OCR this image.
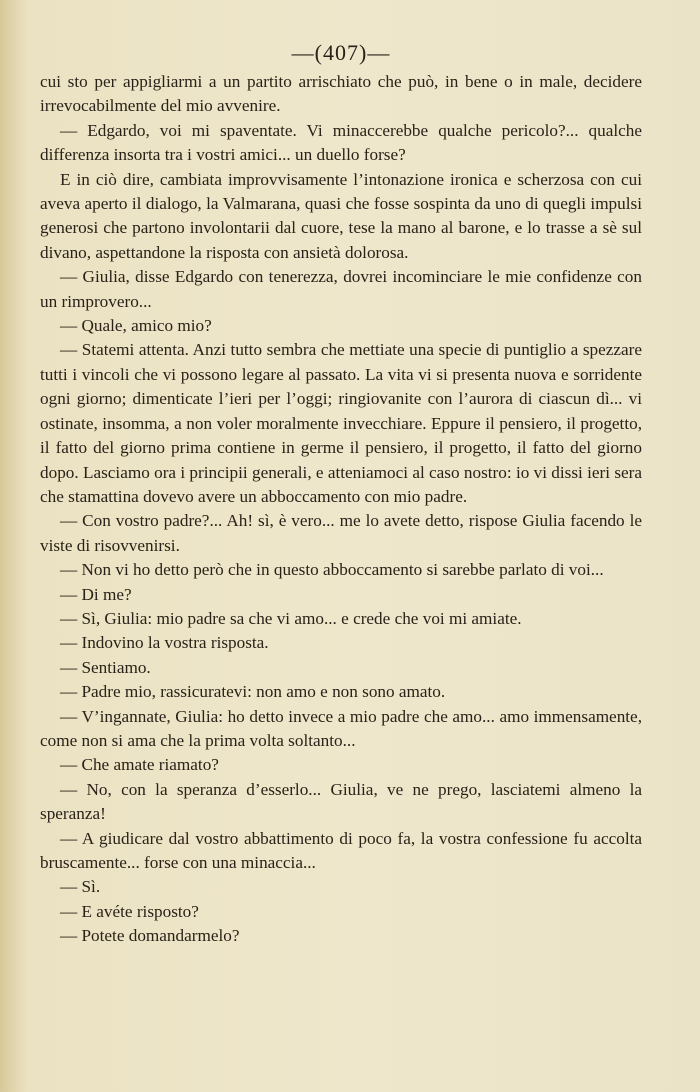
—(407)—

cui sto per appigliarmi a un partito arrischiato che può, in bene o in male, decidere irrevocabilmente del mio avvenire.

— Edgardo, voi mi spaventate. Vi minaccerebbe qualche pericolo?... qualche differenza insorta tra i vostri amici... un duello forse?

E in ciò dire, cambiata improvvisamente l’intonazione ironica e scherzosa con cui aveva aperto il dialogo, la Valmarana, quasi che fosse sospinta da uno di quegli impulsi generosi che partono involontarii dal cuore, tese la mano al barone, e lo trasse a sè sul divano, aspettandone la risposta con ansietà dolorosa.

— Giulia, disse Edgardo con tenerezza, dovrei incominciare le mie confidenze con un rimprovero...

— Quale, amico mio?

— Statemi attenta. Anzi tutto sembra che mettiate una specie di puntiglio a spezzare tutti i vincoli che vi possono legare al passato. La vita vi si presenta nuova e sorridente ogni giorno; dimenticate l’ieri per l’oggi; ringiovanite con l’aurora di ciascun dì... vi ostinate, insomma, a non voler moralmente invecchiare. Eppure il pensiero, il progetto, il fatto del giorno prima contiene in germe il pensiero, il progetto, il fatto del giorno dopo. Lasciamo ora i principii generali, e atteniamoci al caso nostro: io vi dissi ieri sera che stamattina dovevo avere un abboccamento con mio padre.

— Con vostro padre?... Ah! sì, è vero... me lo avete detto, rispose Giulia facendo le viste di risovvenirsi.

— Non vi ho detto però che in questo abboccamento si sarebbe parlato di voi...

— Di me?

— Sì, Giulia: mio padre sa che vi amo... e crede che voi mi amiate.

— Indovino la vostra risposta.

— Sentiamo.

— Padre mio, rassicuratevi: non amo e non sono amato.

— V’ingannate, Giulia: ho detto invece a mio padre che amo... amo immensamente, come non si ama che la prima volta soltanto...

— Che amate riamato?

— No, con la speranza d’esserlo... Giulia, ve ne prego, lasciatemi almeno la speranza!

— A giudicare dal vostro abbattimento di poco fa, la vostra confessione fu accolta bruscamente... forse con una minaccia...

— Sì.

— E avéte risposto?

— Potete domandarmelo?
